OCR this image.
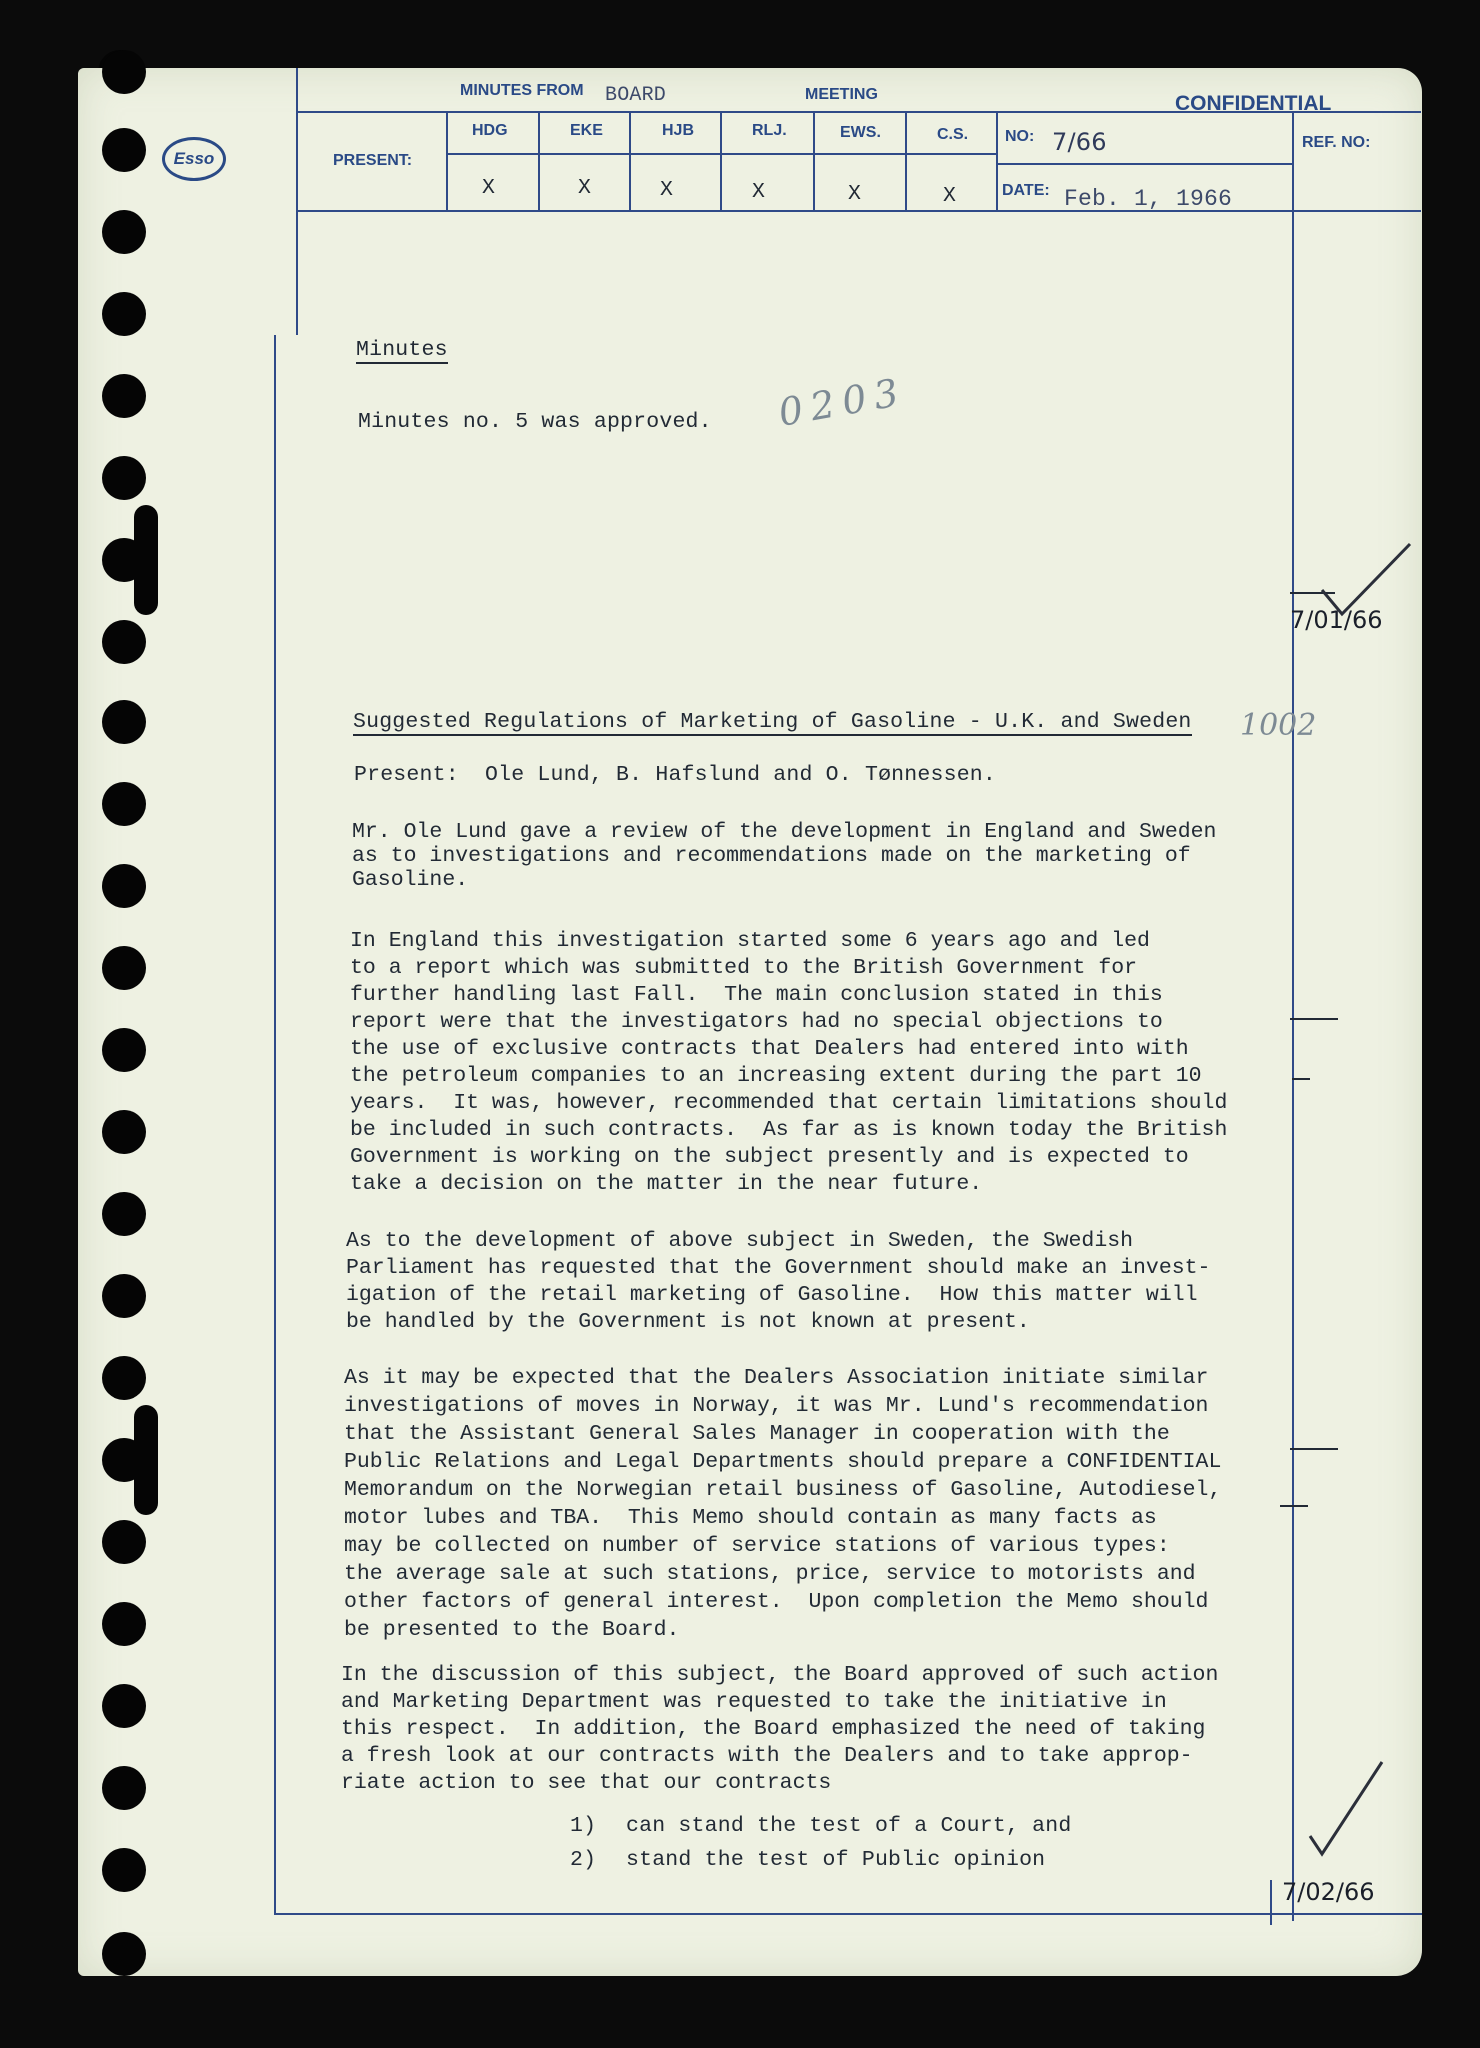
MINUTES FROM BOARD	MEETING	CONFIDENTIAL
Esso	PRESENT:
HDG	EKE	HJB	RLJ.	EWS.	C.S.
X	X	X	X	X	X
NO: 7/66
DATE: Feb. 1, 1966
REF. NO:
Minutes
Minutes no. 5 was approved. 0203
Suggested Regulations of Marketing of Gasoline - U.K. and Sweden 1002
Present:  Ole Lund, B. Hafslund and O. Tønnessen.
Mr. Ole Lund gave a review of the development in England and Sweden
as to investigations and recommendations made on the marketing of
Gasoline.
In England this investigation started some 6 years ago and led
to a report which was submitted to the British Government for
further handling last Fall.  The main conclusion stated in this
report were that the investigators had no special objections to
the use of exclusive contracts that Dealers had entered into with
the petroleum companies to an increasing extent during the part 10
years.  It was, however, recommended that certain limitations should
be included in such contracts.  As far as is known today the British
Government is working on the subject presently and is expected to
take a decision on the matter in the near future.
As to the development of above subject in Sweden, the Swedish
Parliament has requested that the Government should make an invest-
igation of the retail marketing of Gasoline.  How this matter will
be handled by the Government is not known at present.
As it may be expected that the Dealers Association initiate similar
investigations of moves in Norway, it was Mr. Lund's recommendation
that the Assistant General Sales Manager in cooperation with the
Public Relations and Legal Departments should prepare a CONFIDENTIAL
Memorandum on the Norwegian retail business of Gasoline, Autodiesel,
motor lubes and TBA.  This Memo should contain as many facts as
may be collected on number of service stations of various types:
the average sale at such stations, price, service to motorists and
other factors of general interest.  Upon completion the Memo should
be presented to the Board.
In the discussion of this subject, the Board approved of such action
and Marketing Department was requested to take the initiative in
this respect.  In addition, the Board emphasized the need of taking
a fresh look at our contracts with the Dealers and to take approp-
riate action to see that our contracts
1) can stand the test of a Court, and
2) stand the test of Public opinion
7/01/66
7/02/66
